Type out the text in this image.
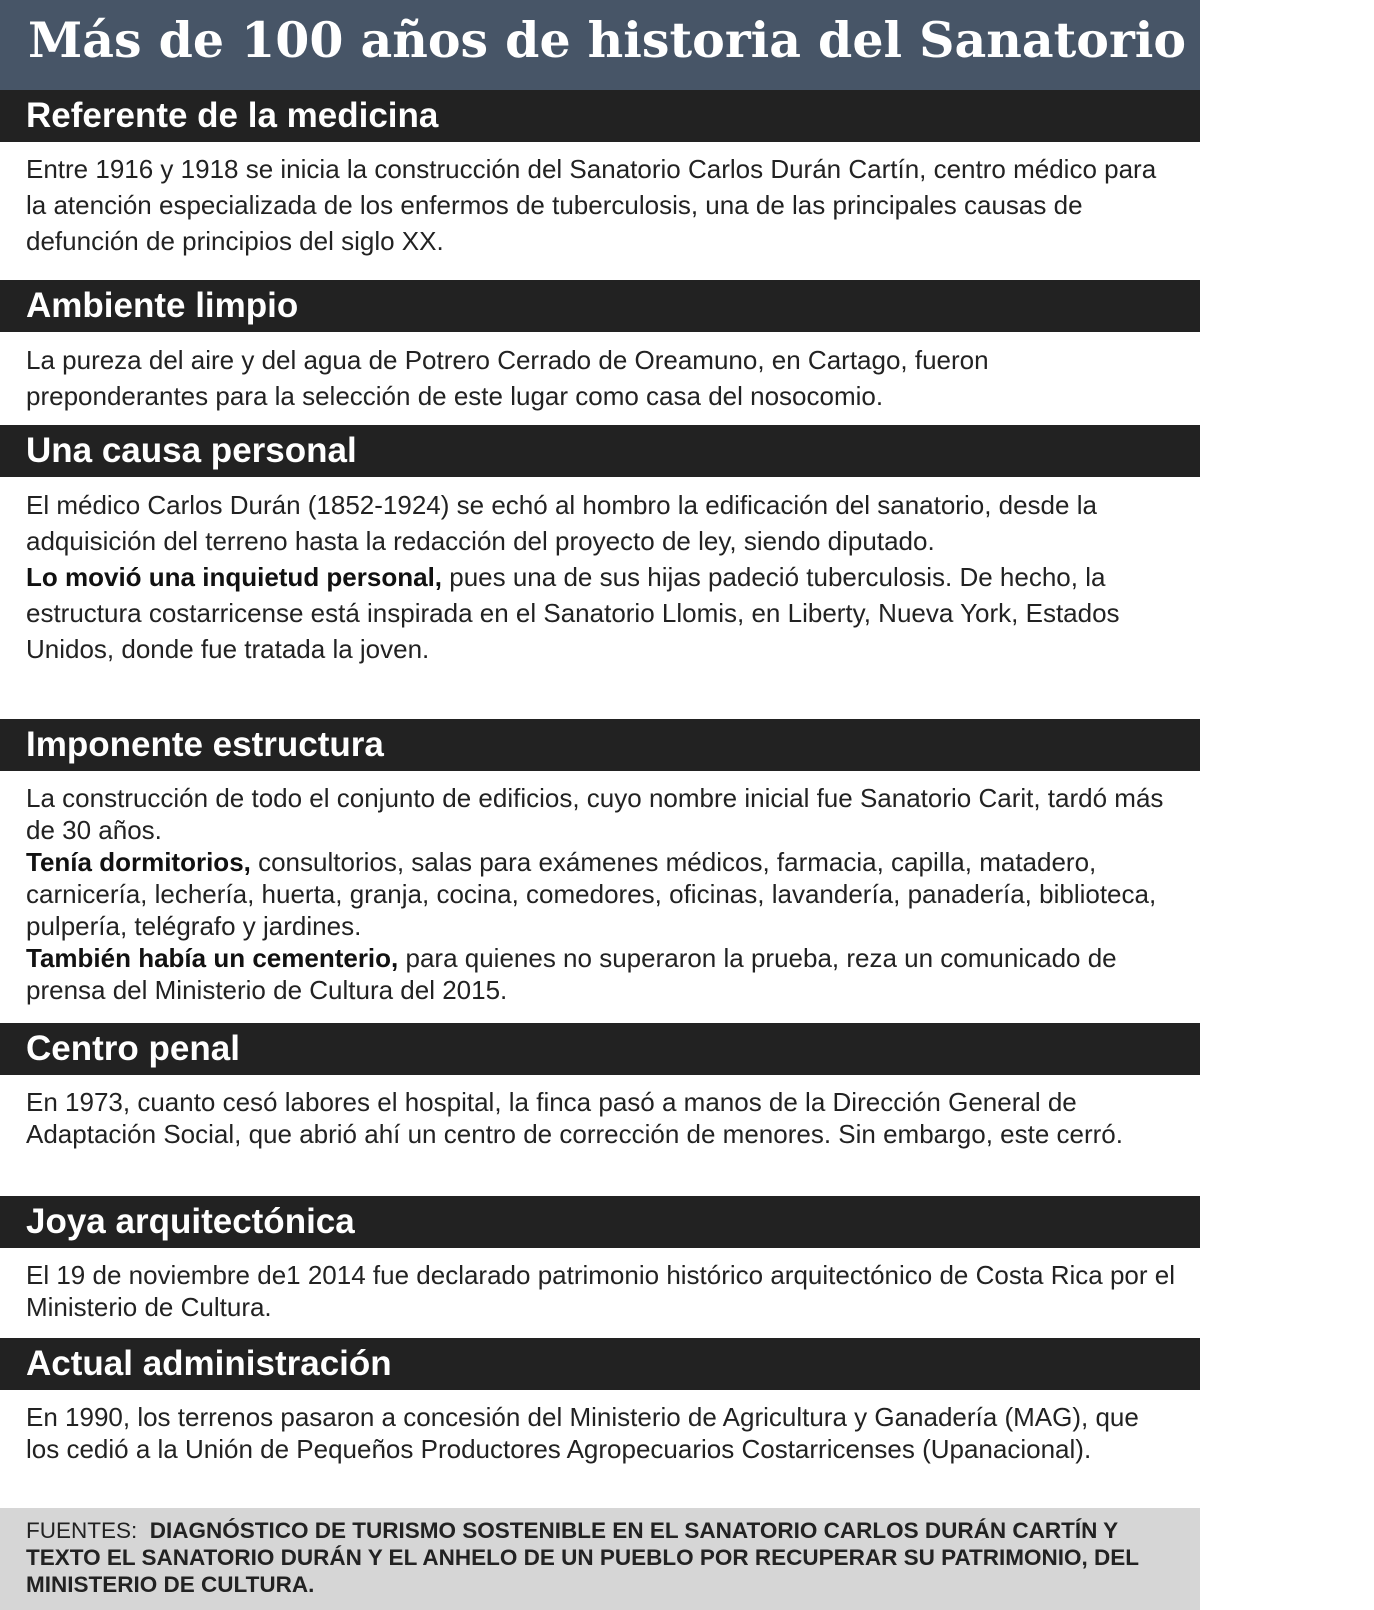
Más de 100 años de historia del Sanatorio Durán
Referente de la medicina

Entre 1916 y 1918 se inicia la construcción del Sanatorio Carlos Durán Cartín, centro médico para la atención especializada de los enfermos de tuberculosis, una de las principales causas de defunción de principios del siglo XX.

Ambiente limpio

La pureza del aire y del agua de Potrero Cerrado de Oreamuno, en Cartago, fueron preponderantes para la selección de este lugar como casa del nosocomio.

Una causa personal

El médico Carlos Durán (1852-1924) se echó al hombro la edificación del sanatorio, desde la adquisición del terreno hasta la redacción del proyecto de ley, siendo diputado.

Lo movió una inquietud personal, pues una de sus hijas padeció tuberculosis. De hecho, la estructura costarricense está inspirada en el Sanatorio Llomis, en Liberty, Nueva York, Estados Unidos, donde fue tratada la joven.

Imponente estructura

La construcción de todo el conjunto de edificios, cuyo nombre inicial fue Sanatorio Carit, tardó más de 30 años.

Tenía dormitorios, consultorios, salas para exámenes médicos, farmacia, capilla, matadero, carnicería, lechería, huerta, granja, cocina, comedores, oficinas, lavandería, panadería, biblioteca, pulpería, telégrafo y jardines.

También había un cementerio, para quienes no superaron la prueba, reza un comunicado de prensa del Ministerio de Cultura del 2015.

Centro penal

En 1973, cuanto cesó labores el hospital, la finca pasó a manos de la Dirección General de Adaptación Social, que abrió ahí un centro de corrección de menores. Sin embargo, este cerró.

Joya arquitectónica

El 19 de noviembre de1 2014 fue declarado patrimonio histórico arquitectónico de Costa Rica por el Ministerio de Cultura.

Actual administración

En 1990, los terrenos pasaron a concesión del Ministerio de Agricultura y Ganadería (MAG), que los cedió a la Unión de Pequeños Productores Agropecuarios Costarricenses (Upanacional).

FUENTES: DIAGNÓSTICO DE TURISMO SOSTENIBLE EN EL SANATORIO CARLOS DURÁN CARTÍN Y TEXTO EL SANATORIO DURÁN Y EL ANHELO DE UN PUEBLO POR RECUPERAR SU PATRIMONIO, DEL MINISTERIO DE CULTURA.
